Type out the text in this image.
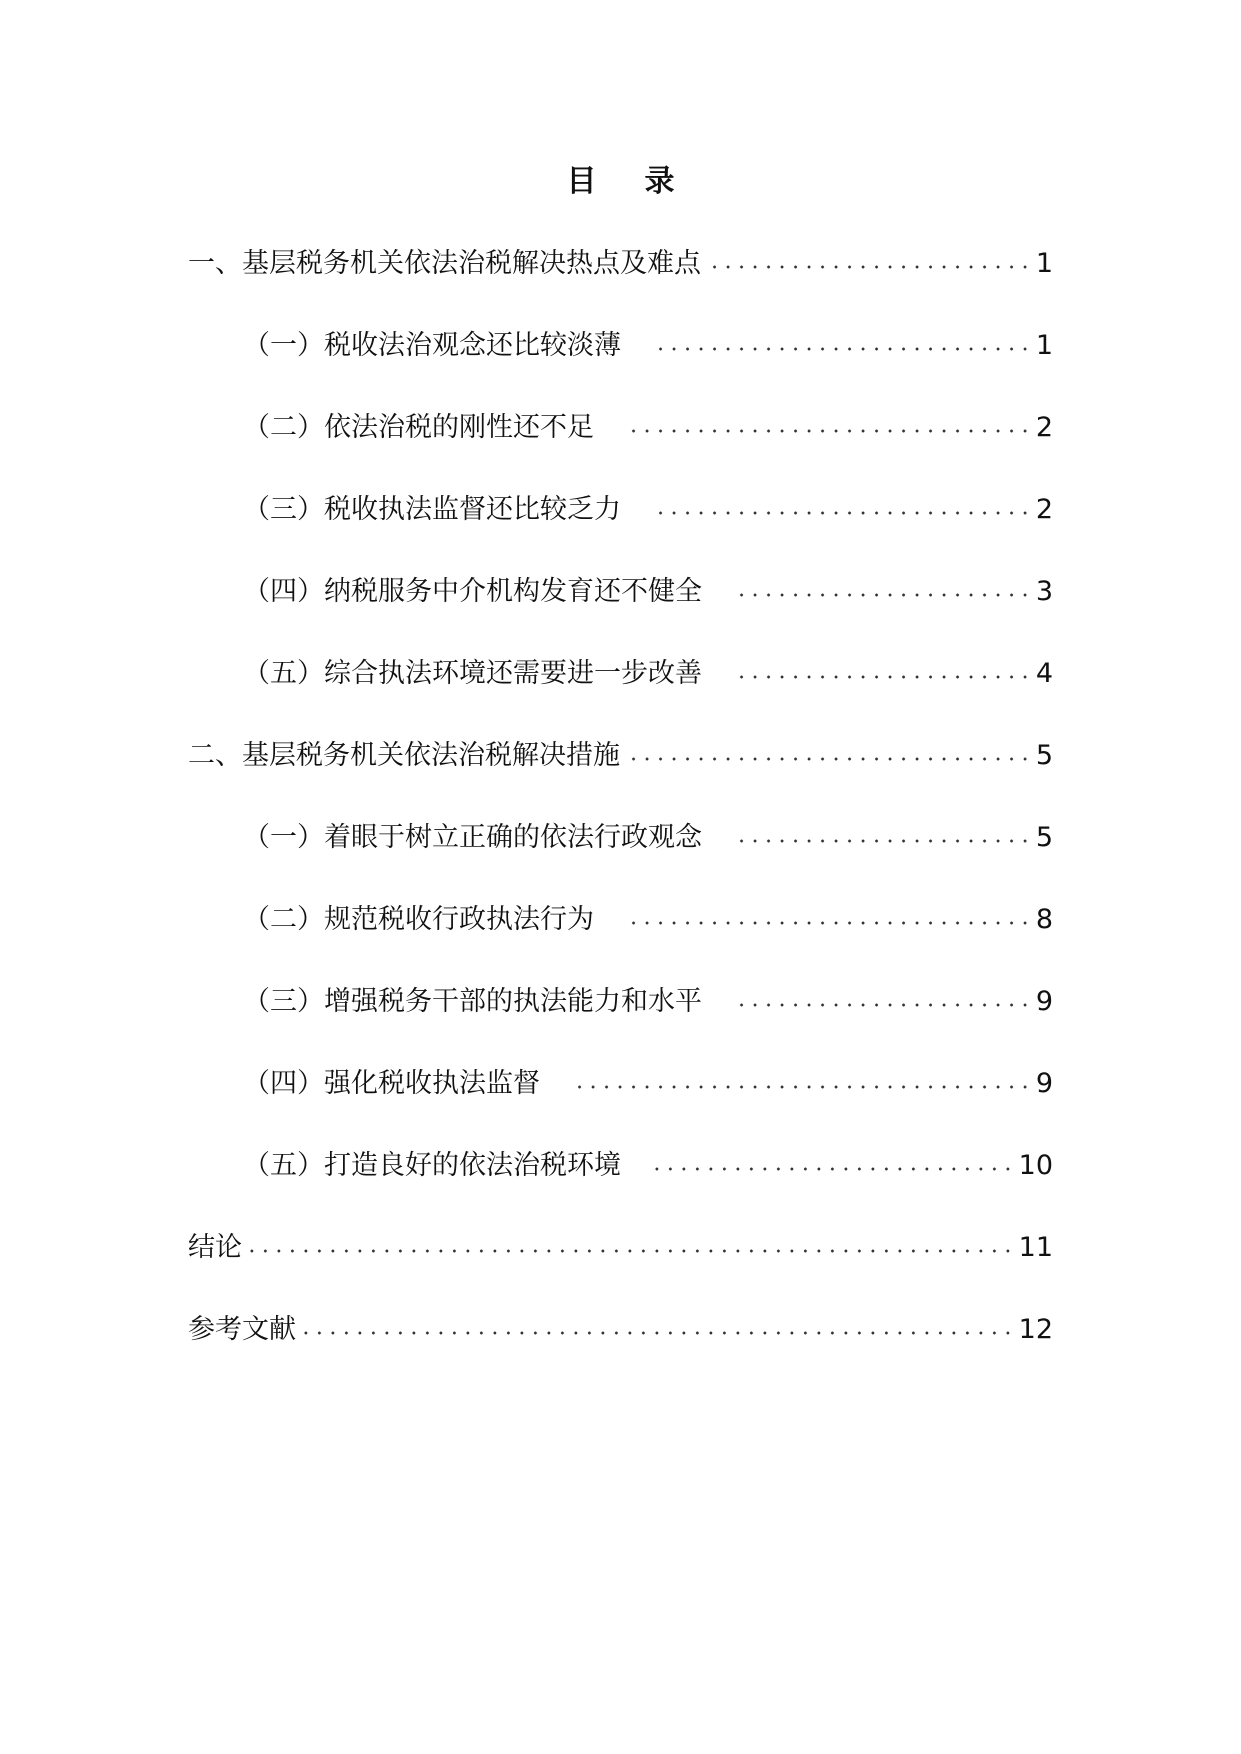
目录
一、基层税务机关依法治税解决热点及难点	1
（一）税收法治观念还比较淡薄	1
（二）依法治税的刚性还不足	2
（三）税收执法监督还比较乏力	2
（四）纳税服务中介机构发育还不健全	3
（五）综合执法环境还需要进一步改善	4
二、基层税务机关依法治税解决措施	5
（一）着眼于树立正确的依法行政观念	5
（二）规范税收行政执法行为	8
（三）增强税务干部的执法能力和水平	9
（四）强化税收执法监督	9
（五）打造良好的依法治税环境	10
结论	11
参考文献	12
